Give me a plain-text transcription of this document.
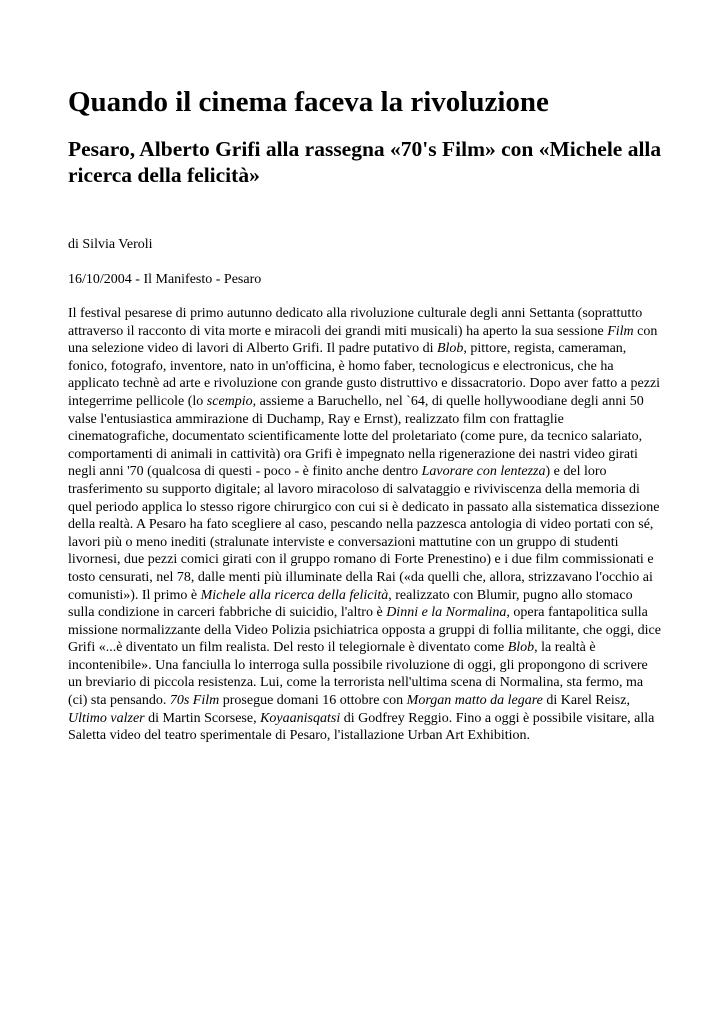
Quando il cinema faceva la rivoluzione
Pesaro, Alberto Grifi alla rassegna «70's Film» con «Michele alla ricerca della felicità»

di Silvia Veroli

16/10/2004 - Il Manifesto - Pesaro

Il festival pesarese di primo autunno dedicato alla rivoluzione culturale degli anni Settanta (soprattutto attraverso il racconto di vita morte e miracoli dei grandi miti musicali) ha aperto la sua sessione Film con una selezione video di lavori di Alberto Grifi. Il padre putativo di Blob, pittore, regista, cameraman, fonico, fotografo, inventore, nato in un'officina, è homo faber, tecnologicus e electronicus, che ha applicato technè ad arte e rivoluzione con grande gusto distruttivo e dissacratorio. Dopo aver fatto a pezzi integerrime pellicole (lo scempio, assieme a Baruchello, nel `64, di quelle hollywoodiane degli anni 50 valse l'entusiastica ammirazione di Duchamp, Ray e Ernst), realizzato film con frattaglie cinematografiche, documentato scientificamente lotte del proletariato (come pure, da tecnico salariato, comportamenti di animali in cattività) ora Grifi è impegnato nella rigenerazione dei nastri video girati negli anni '70 (qualcosa di questi - poco - è finito anche dentro Lavorare con lentezza) e del loro trasferimento su supporto digitale; al lavoro miracoloso di salvataggio e riviviscenza della memoria di quel periodo applica lo stesso rigore chirurgico con cui si è dedicato in passato alla sistematica dissezione della realtà. A Pesaro ha fato scegliere al caso, pescando nella pazzesca antologia di video portati con sé, lavori più o meno inediti (stralunate interviste e conversazioni mattutine con un gruppo di studenti livornesi, due pezzi comici girati con il gruppo romano di Forte Prenestino) e i due film commissionati e tosto censurati, nel 78, dalle menti più illuminate della Rai («da quelli che, allora, strizzavano l'occhio ai comunisti»). Il primo è Michele alla ricerca della felicità, realizzato con Blumir, pugno allo stomaco sulla condizione in carceri fabbriche di suicidio, l'altro è Dinni e la Normalina, opera fantapolitica sulla missione normalizzante della Video Polizia psichiatrica opposta a gruppi di follia militante, che oggi, dice Grifi «...è diventato un film realista. Del resto il telegiornale è diventato come Blob, la realtà è incontenibile». Una fanciulla lo interroga sulla possibile rivoluzione di oggi, gli propongono di scrivere un breviario di piccola resistenza. Lui, come la terrorista nell'ultima scena di Normalina, sta fermo, ma (ci) sta pensando. 70s Film prosegue domani 16 ottobre con Morgan matto da legare di Karel Reisz, Ultimo valzer di Martin Scorsese, Koyaanisqatsi di Godfrey Reggio. Fino a oggi è possibile visitare, alla Saletta video del teatro sperimentale di Pesaro, l'istallazione Urban Art Exhibition.
